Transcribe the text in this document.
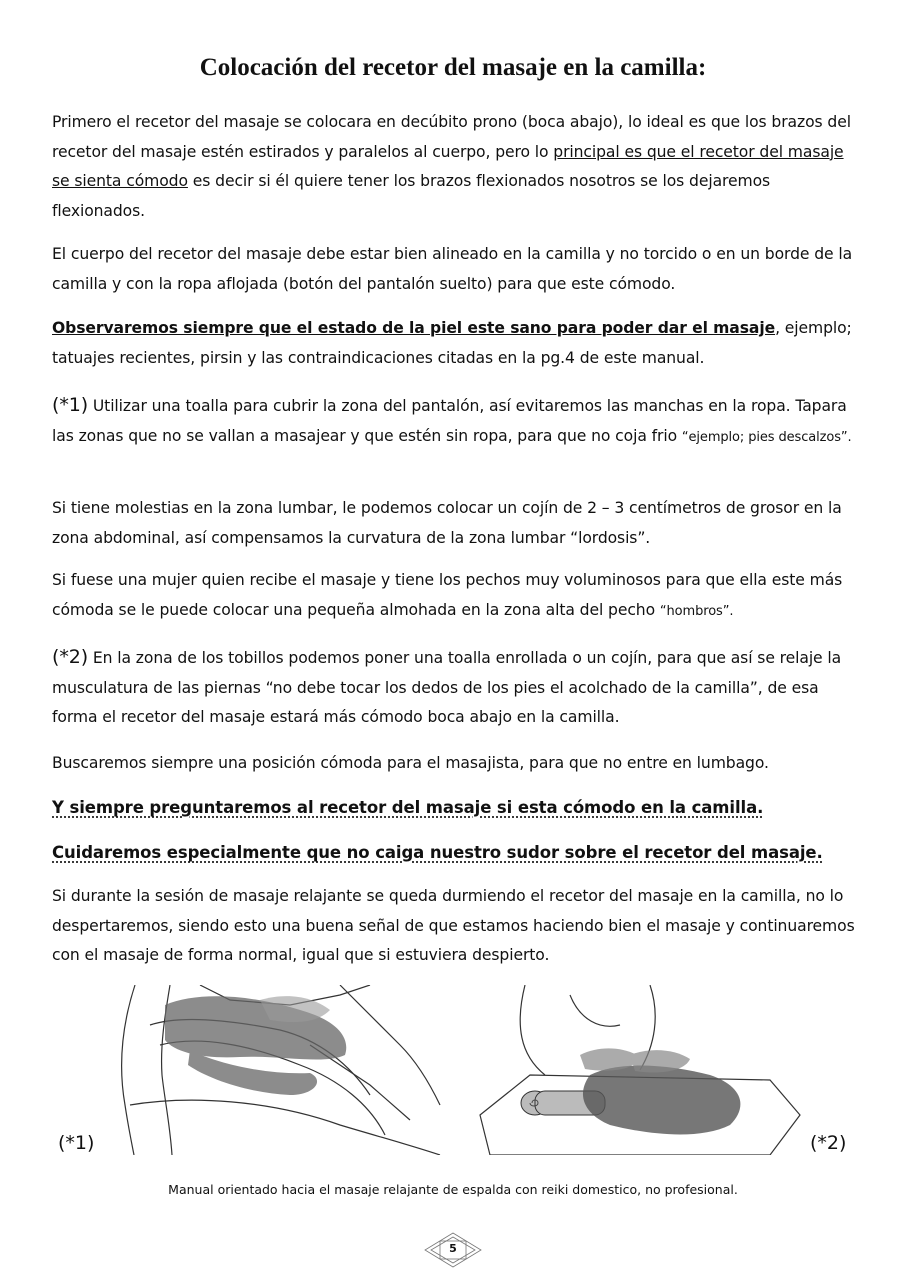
Colocación del recetor del masaje en la camilla:

Primero el recetor del masaje se colocara en decúbito prono (boca abajo), lo ideal es que los brazos del recetor del masaje estén estirados y paralelos al cuerpo, pero lo principal es que el recetor del masaje se sienta cómodo es decir si él quiere tener los brazos flexionados nosotros se los dejaremos flexionados.

El cuerpo del recetor del masaje debe estar bien alineado en la camilla y no torcido o en un borde de la camilla y con la ropa aflojada (botón del pantalón suelto) para que este cómodo.

Observaremos siempre que el estado de la piel este sano para poder dar el masaje, ejemplo; tatuajes recientes, pirsin y las contraindicaciones citadas en la pg.4 de este manual.

(*1) Utilizar una toalla para cubrir la zona del pantalón, así evitaremos las manchas en la ropa. Tapara las zonas que no se vallan a masajear y que estén sin ropa, para que no coja frio “ejemplo; pies descalzos”.

Si tiene molestias en la zona lumbar, le podemos colocar un cojín de 2 – 3 centímetros de grosor en la zona abdominal, así compensamos la curvatura de la zona lumbar “lordosis”.

Si fuese una mujer quien recibe el masaje y tiene los pechos muy voluminosos para que ella este más cómoda se le puede colocar una pequeña almohada en la zona alta del pecho “hombros”.

(*2) En la zona de los tobillos podemos poner una toalla enrollada o un cojín, para que así se relaje la musculatura de las piernas “no debe tocar los dedos de los pies el acolchado de la camilla”, de esa forma el recetor del masaje estará más cómodo boca abajo en la camilla.

Buscaremos siempre una posición cómoda para el masajista, para que no entre en lumbago.

Y siempre preguntaremos al recetor del masaje si esta cómodo en la camilla.

Cuidaremos especialmente que no caiga nuestro sudor sobre el recetor del masaje.

Si durante la sesión de masaje relajante se queda durmiendo el recetor del masaje en la camilla, no lo despertaremos, siendo esto una buena señal de que estamos haciendo bien el masaje y continuaremos con el masaje de forma normal, igual que si estuviera despierto.

(*1)	(*2)
Manual orientado hacia el masaje relajante de espalda con reiki domestico, no profesional.
5
